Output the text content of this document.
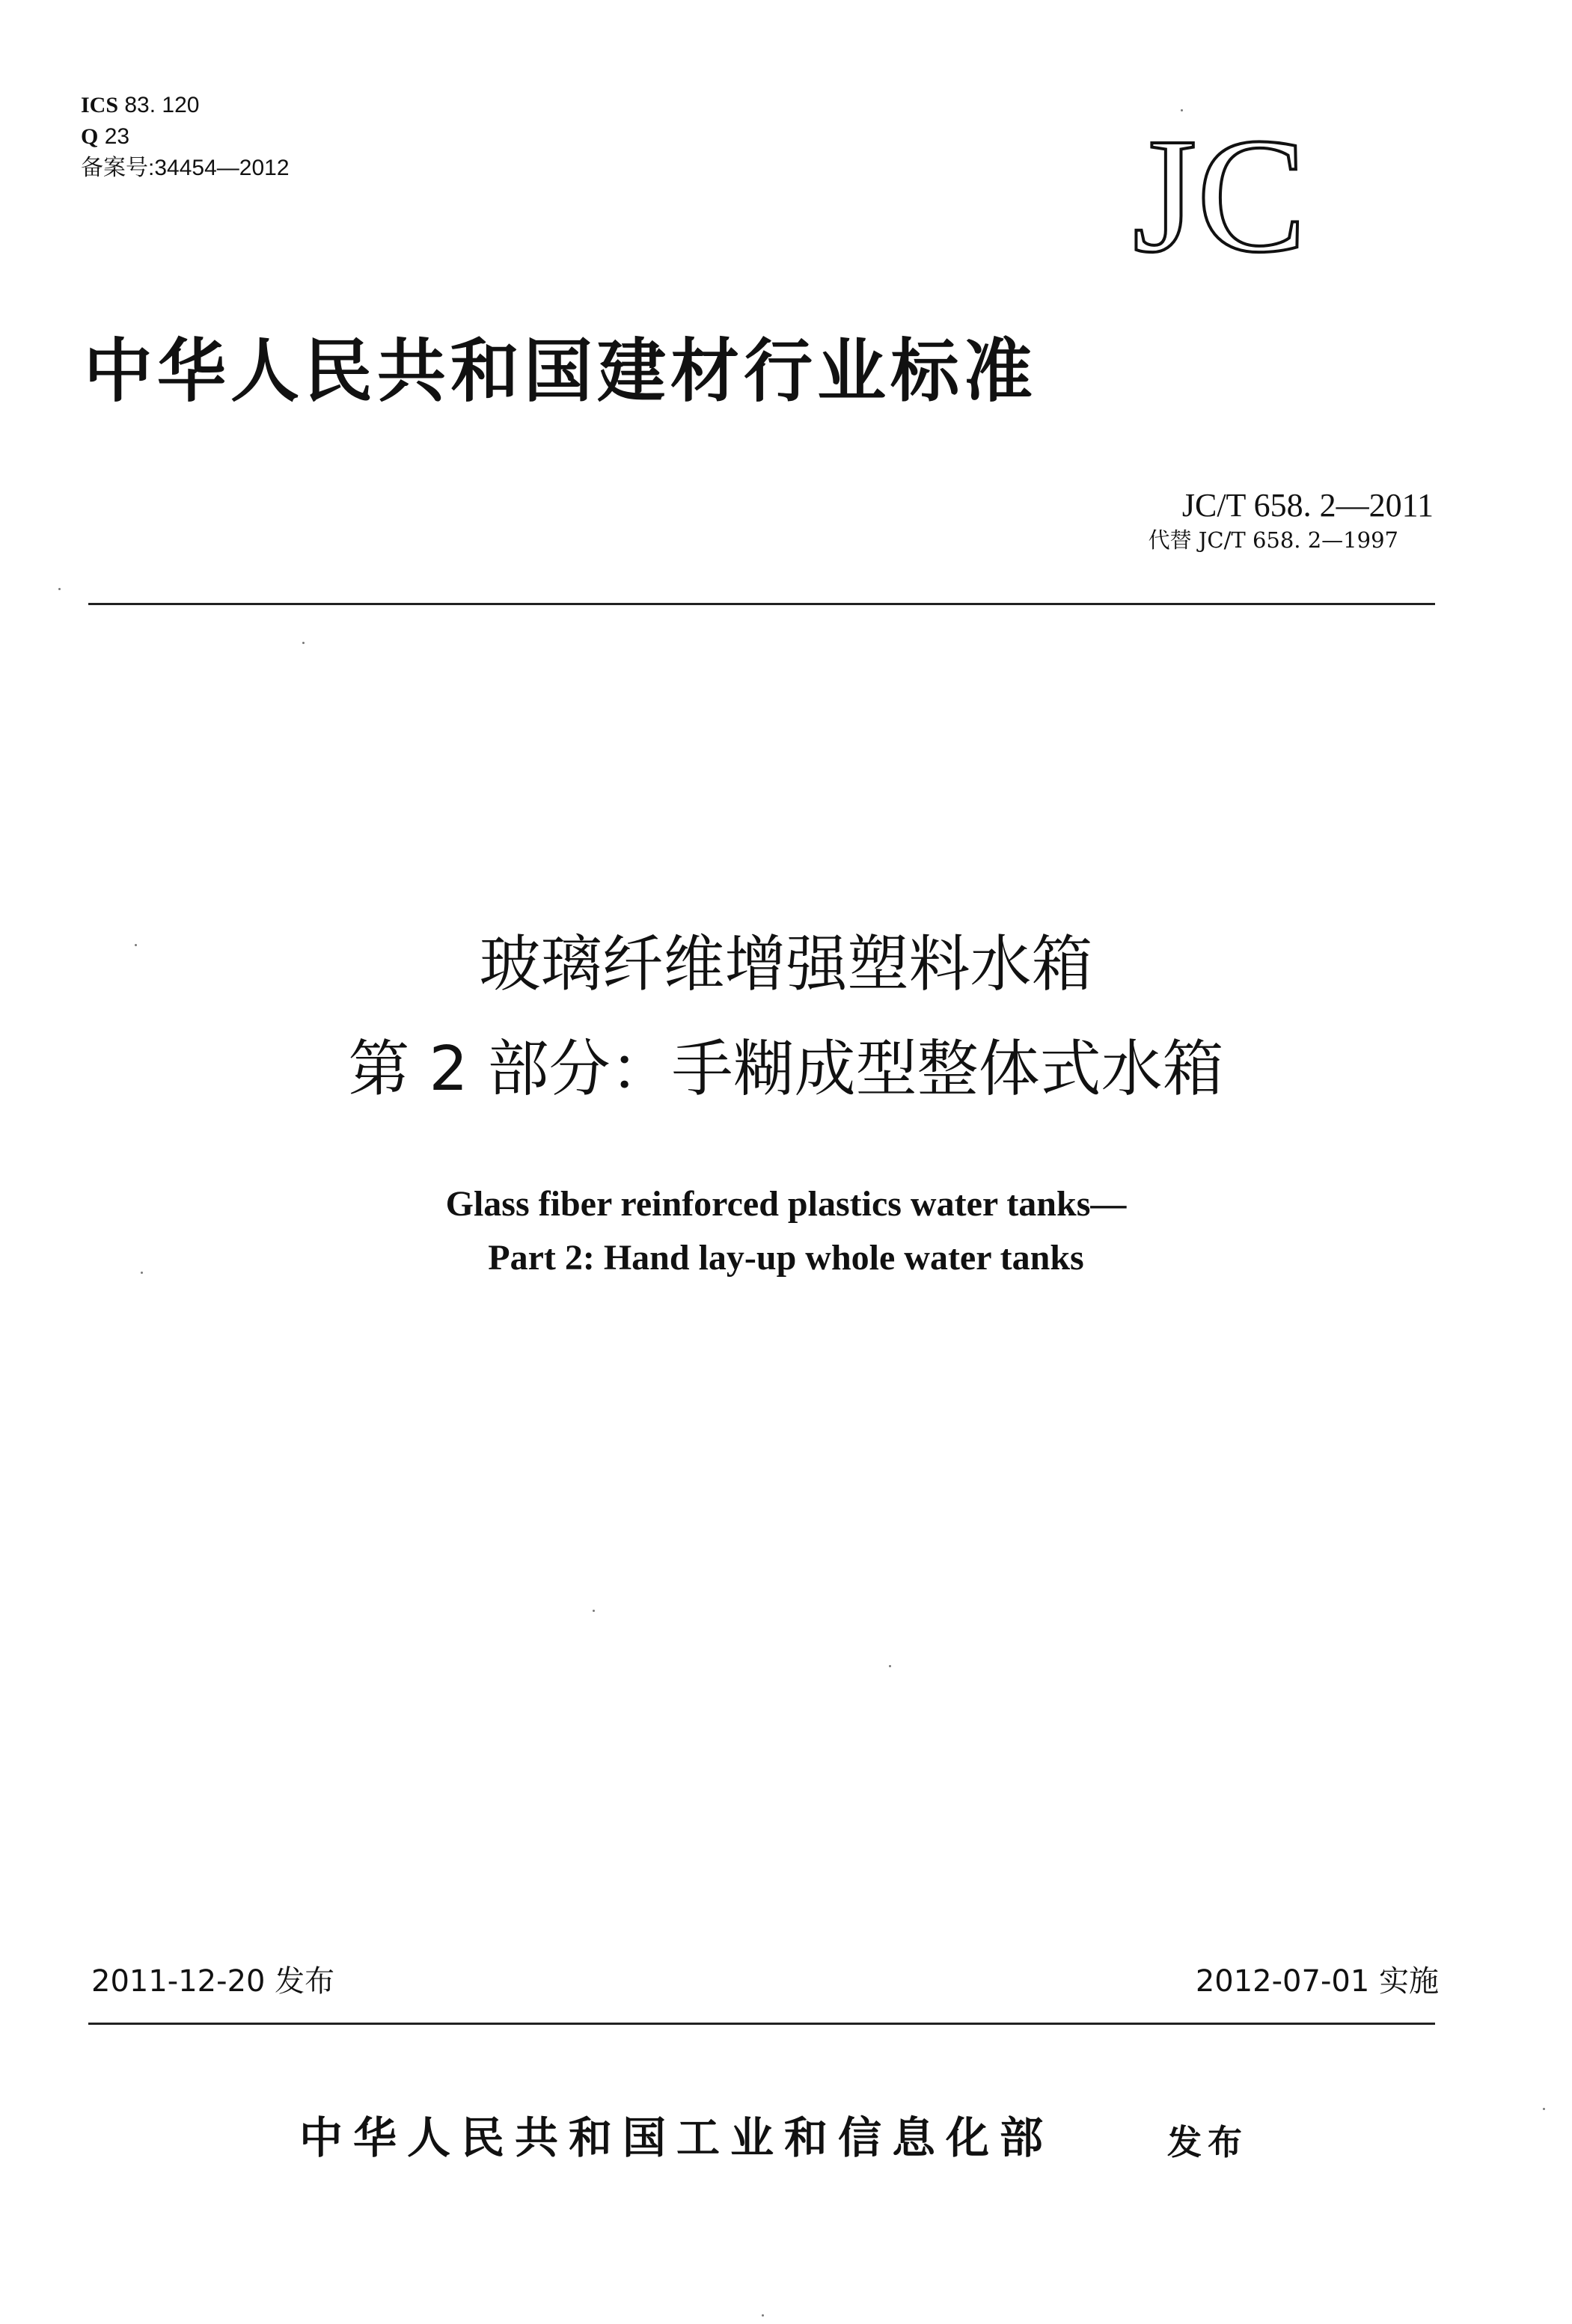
ICS 83. 120
Q 23
备案号:34454—2012	JC
中华人民共和国建材行业标准
JC/T 658. 2—2011
代替 JC/T 658. 2—1997
玻璃纤维增强塑料水箱
第 2 部分：手糊成型整体式水箱
Glass fiber reinforced plastics water tanks—
Part 2: Hand lay-up whole water tanks
2011-12-20 发布	2012-07-01 实施
中华人民共和国工业和信息化部	发布
